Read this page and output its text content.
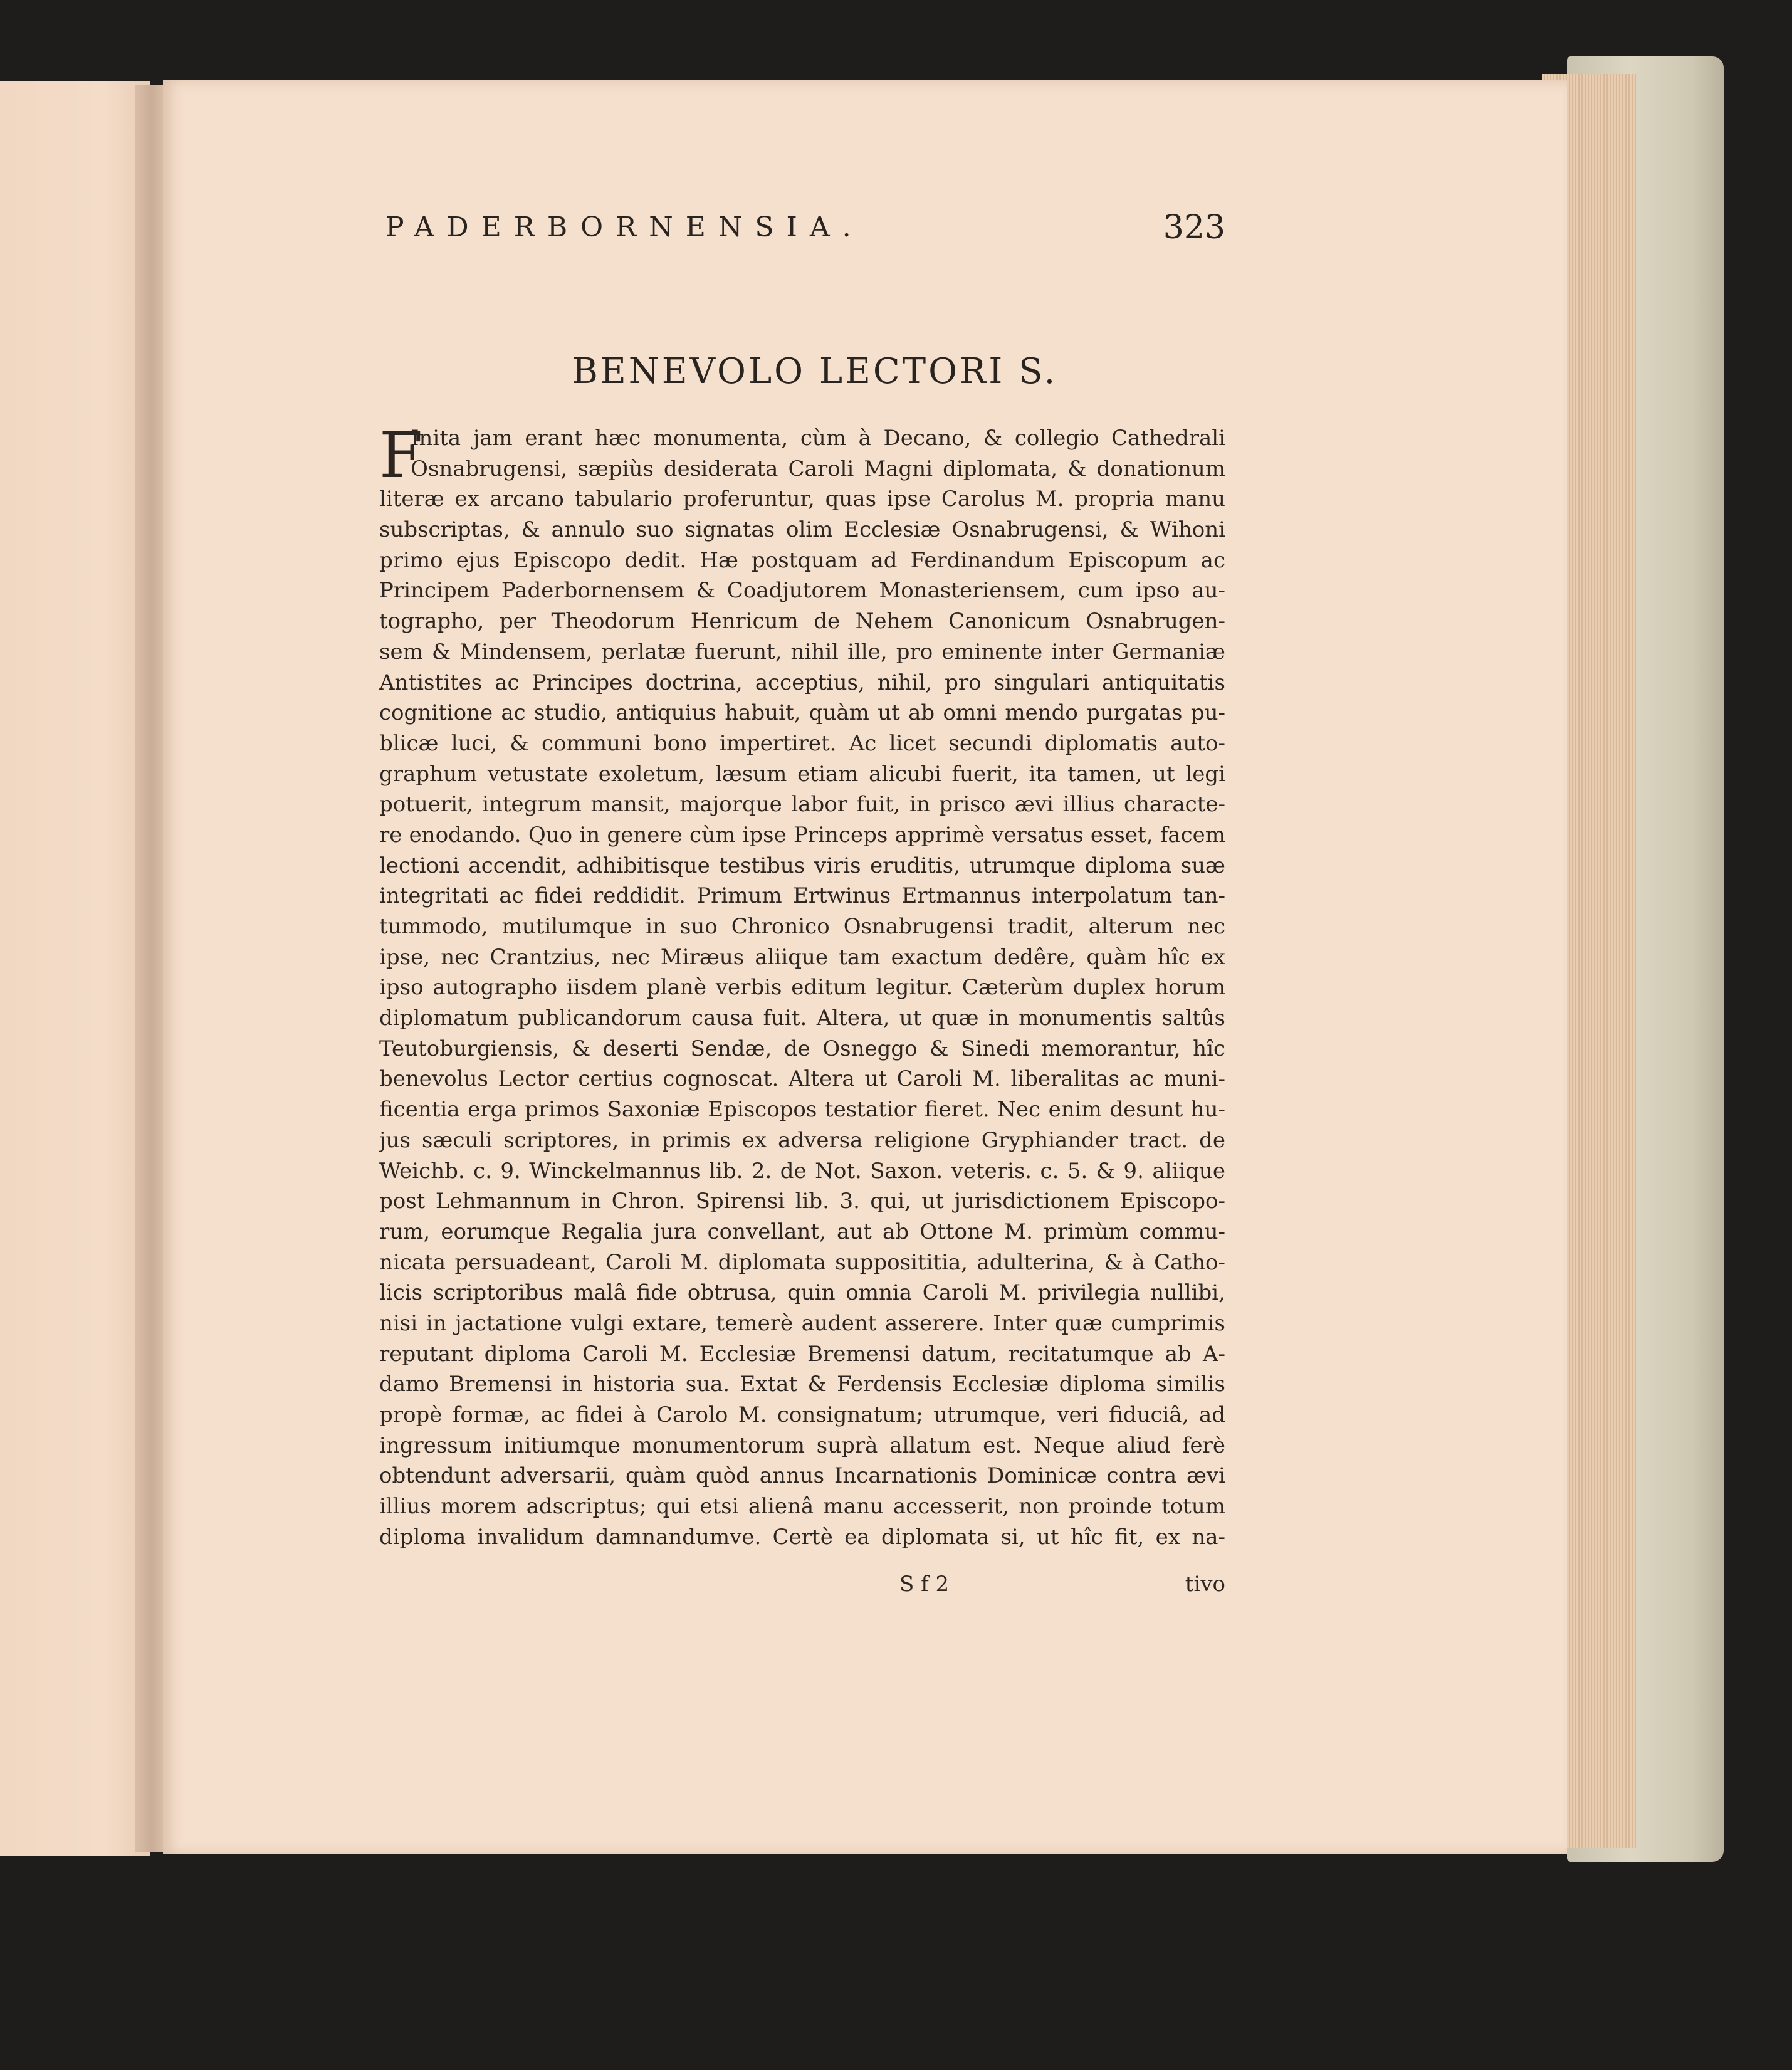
PADERBORNENSIA.	323
BENEVOLO LECTORI S.
F
Inita jam erant hæc monumenta, cùm à Decano, & collegio Cathedrali
Osnabrugensi, sæpiùs desiderata Caroli Magni diplomata, & donationum
literæ ex arcano tabulario proferuntur, quas ipse Carolus M. propria manu
subscriptas, & annulo suo signatas olim Ecclesiæ Osnabrugensi, & Wihoni
primo ejus Episcopo dedit. Hæ postquam ad Ferdinandum Episcopum ac
Principem Paderbornensem & Coadjutorem Monasteriensem, cum ipso au-
tographo, per Theodorum Henricum de Nehem Canonicum Osnabrugen-
sem & Mindensem, perlatæ fuerunt, nihil ille, pro eminente inter Germaniæ
Antistites ac Principes doctrina, acceptius, nihil, pro singulari antiquitatis
cognitione ac studio, antiquius habuit, quàm ut ab omni mendo purgatas pu-
blicæ luci, & communi bono impertiret. Ac licet secundi diplomatis auto-
graphum vetustate exoletum, læsum etiam alicubi fuerit, ita tamen, ut legi
potuerit, integrum mansit, majorque labor fuit, in prisco ævi illius characte-
re enodando. Quo in genere cùm ipse Princeps apprimè versatus esset, facem
lectioni accendit, adhibitisque testibus viris eruditis, utrumque diploma suæ
integritati ac fidei reddidit. Primum Ertwinus Ertmannus interpolatum tan-
tummodo, mutilumque in suo Chronico Osnabrugensi tradit, alterum nec
ipse, nec Crantzius, nec Miræus aliique tam exactum dedêre, quàm hîc ex
ipso autographo iisdem planè verbis editum legitur. Cæterùm duplex horum
diplomatum publicandorum causa fuit. Altera, ut quæ in monumentis saltûs
Teutoburgiensis, & deserti Sendæ, de Osneggo & Sinedi memorantur, hîc
benevolus Lector certius cognoscat. Altera ut Caroli M. liberalitas ac muni-
ficentia erga primos Saxoniæ Episcopos testatior fieret. Nec enim desunt hu-
jus sæculi scriptores, in primis ex adversa religione Gryphiander tract. de
Weichb. c. 9. Winckelmannus lib. 2. de Not. Saxon. veteris. c. 5. & 9. aliique
post Lehmannum in Chron. Spirensi lib. 3. qui, ut jurisdictionem Episcopo-
rum, eorumque Regalia jura convellant, aut ab Ottone M. primùm commu-
nicata persuadeant, Caroli M. diplomata supposititia, adulterina, & à Catho-
licis scriptoribus malâ fide obtrusa, quin omnia Caroli M. privilegia nullibi,
nisi in jactatione vulgi extare, temerè audent asserere. Inter quæ cumprimis
reputant diploma Caroli M. Ecclesiæ Bremensi datum, recitatumque ab A-
damo Bremensi in historia sua. Extat & Ferdensis Ecclesiæ diploma similis
propè formæ, ac fidei à Carolo M. consignatum; utrumque, veri fiduciâ, ad
ingressum initiumque monumentorum suprà allatum est. Neque aliud ferè
obtendunt adversarii, quàm quòd annus Incarnationis Dominicæ contra ævi
illius morem adscriptus; qui etsi alienâ manu accesserit, non proinde totum
diploma invalidum damnandumve. Certè ea diplomata si, ut hîc fit, ex na-
S f 2	tivo
